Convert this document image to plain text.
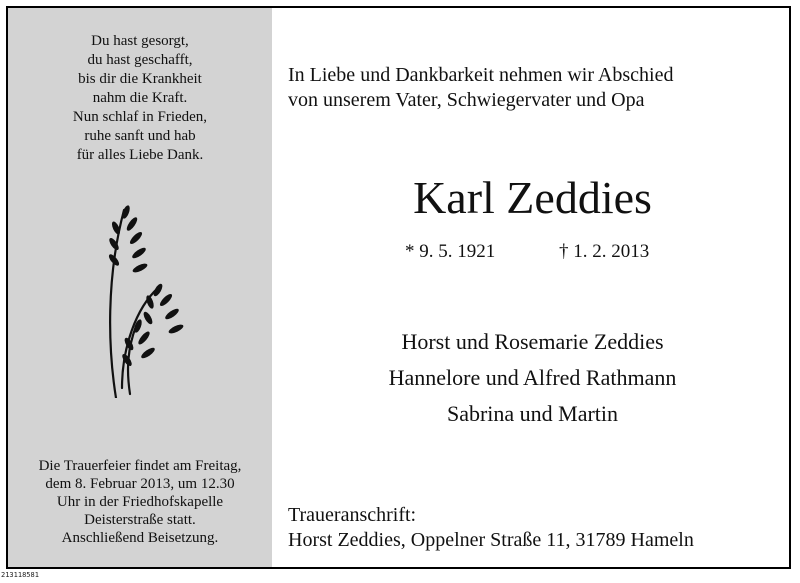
Du hast gesorgt,
du hast geschafft,
bis dir die Krankheit
nahm die Kraft.
Nun schlaf in Frieden,
ruhe sanft und hab
für alles Liebe Dank.
Die Trauerfeier findet am Freitag,
dem 8. Februar 2013, um 12.30
Uhr in der Friedhofskapelle
Deisterstraße statt.
Anschließend Beisetzung.
In Liebe und Dankbarkeit nehmen wir Abschied
von unserem Vater, Schwiegervater und Opa
Karl Zeddies
* 9. 5. 1921	† 1. 2. 2013
Horst und Rosemarie Zeddies
Hannelore und Alfred Rathmann
Sabrina und Martin
Traueranschrift:
Horst Zeddies, Oppelner Straße 11, 31789 Hameln
213118581
